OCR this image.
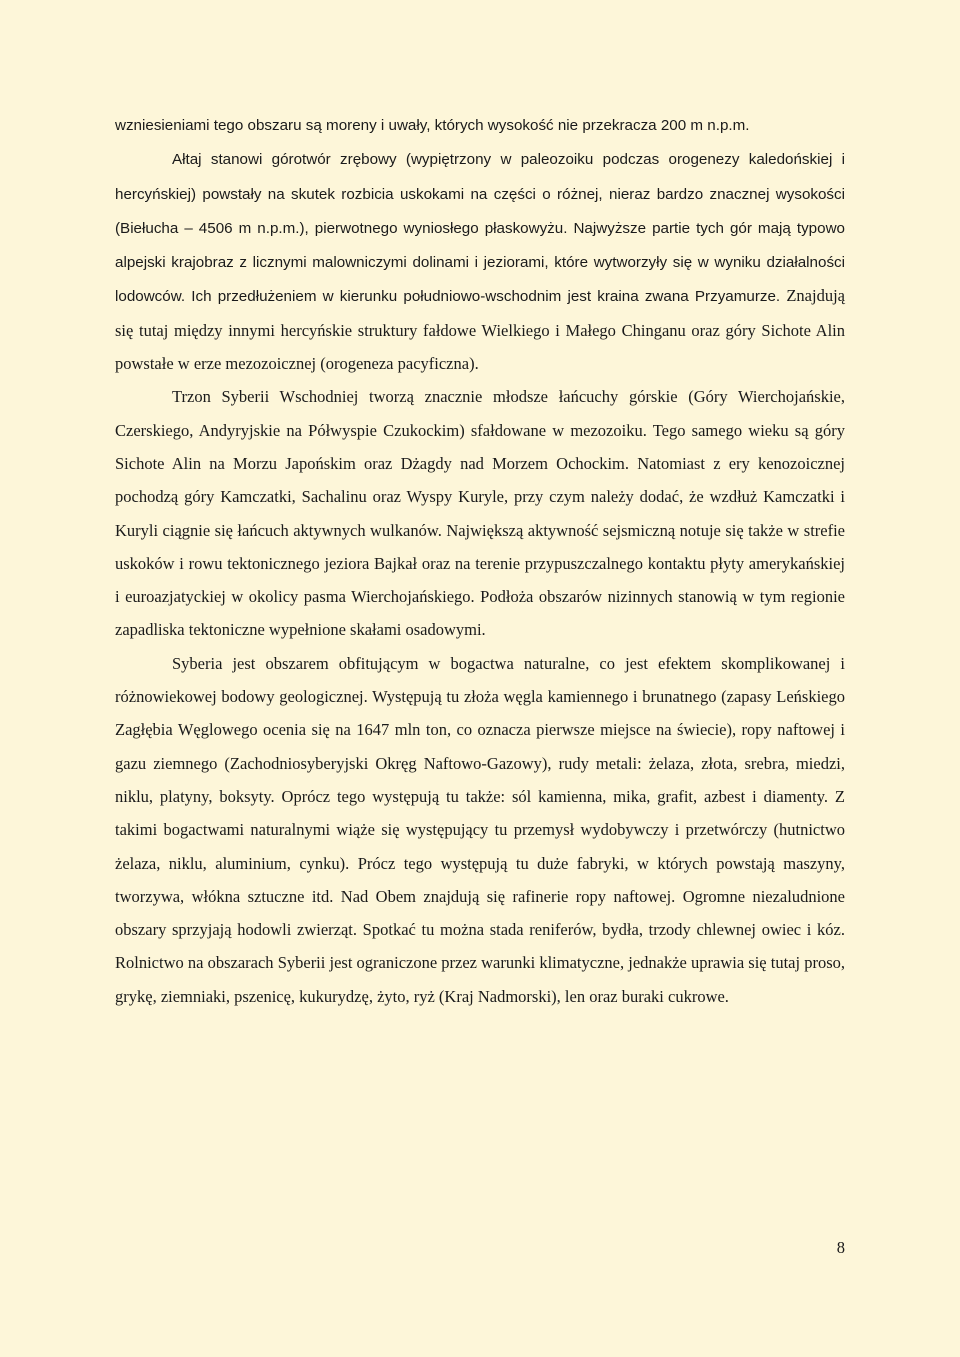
wzniesieniami tego obszaru są moreny i uwały, których wysokość nie przekracza 200 m n.p.m.

Ałtaj stanowi górotwór zrębowy (wypiętrzony w paleozoiku podczas orogenezy kaledońskiej i hercyńskiej) powstały na skutek rozbicia uskokami na części o różnej, nieraz bardzo znacznej wysokości (Biełucha – 4506 m n.p.m.), pierwotnego wyniosłego płaskowyżu. Najwyższe partie tych gór mają typowo alpejski krajobraz z licznymi malowniczymi dolinami i jeziorami, które wytworzyły się w wyniku działalności lodowców. Ich przedłużeniem w kierunku południowo-wschodnim jest kraina zwana Przyamurze. Znajdują się tutaj między innymi hercyńskie struktury fałdowe Wielkiego i Małego Chinganu oraz góry Sichote Alin powstałe w erze mezozoicznej (orogeneza pacyficzna).

Trzon Syberii Wschodniej tworzą znacznie młodsze łańcuchy górskie (Góry Wierchojańskie, Czerskiego, Andyryjskie na Półwyspie Czukockim) sfałdowane w mezozoiku. Tego samego wieku są góry Sichote Alin na Morzu Japońskim oraz Dżagdy nad Morzem Ochockim. Natomiast z ery kenozoicznej pochodzą góry Kamczatki, Sachalinu oraz Wyspy Kuryle, przy czym należy dodać, że wzdłuż Kamczatki i Kuryli ciągnie się łańcuch aktywnych wulkanów. Największą aktywność sejsmiczną notuje się także w strefie uskoków i rowu tektonicznego jeziora Bajkał oraz na terenie przypuszczalnego kontaktu płyty amerykańskiej i euroazjatyckiej w okolicy pasma Wierchojańskiego. Podłoża obszarów nizinnych stanowią w tym regionie zapadliska tektoniczne wypełnione skałami osadowymi.

Syberia jest obszarem obfitującym w bogactwa naturalne, co jest efektem skomplikowanej i różnowiekowej bodowy geologicznej. Występują tu złoża węgla kamiennego i brunatnego (zapasy Leńskiego Zagłębia Węglowego ocenia się na 1647 mln ton, co oznacza pierwsze miejsce na świecie), ropy naftowej i gazu ziemnego (Zachodniosyberyjski Okręg Naftowo-Gazowy), rudy metali: żelaza, złota, srebra, miedzi, niklu, platyny, boksyty. Oprócz tego występują tu także: sól kamienna, mika, grafit, azbest i diamenty. Z takimi bogactwami naturalnymi wiąże się występujący tu przemysł wydobywczy i przetwórczy (hutnictwo żelaza, niklu, aluminium, cynku). Prócz tego występują tu duże fabryki, w których powstają maszyny, tworzywa, włókna sztuczne itd. Nad Obem znajdują się rafinerie ropy naftowej. Ogromne niezaludnione obszary sprzyjają hodowli zwierząt. Spotkać tu można stada reniferów, bydła, trzody chlewnej owiec i kóz. Rolnictwo na obszarach Syberii jest ograniczone przez warunki klimatyczne, jednakże uprawia się tutaj proso, grykę, ziemniaki, pszenicę, kukurydzę, żyto, ryż (Kraj Nadmorski), len oraz buraki cukrowe.

8
